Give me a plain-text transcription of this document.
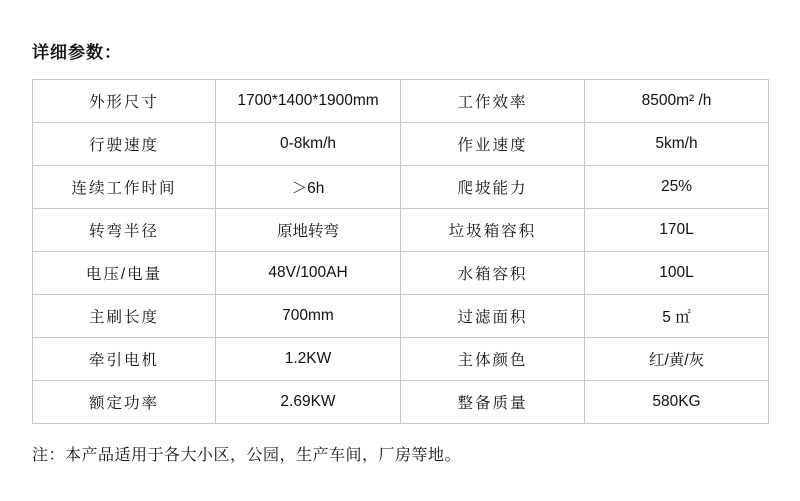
详细参数：
外形尺寸	1700*1400*1900mm	工作效率	8500m² /h
行驶速度	0-8km/h	作业速度	5km/h
连续工作时间	＞6h	爬坡能力	25%
转弯半径	原地转弯	垃圾箱容积	170L
电压/电量	48V/100AH	水箱容积	100L
主刷长度	700mm	过滤面积	5 ㎡
牵引电机	1.2KW	主体颜色	红/黄/灰
额定功率	2.69KW	整备质量	580KG
注：本产品适用于各大小区，公园，生产车间，厂房等地。
